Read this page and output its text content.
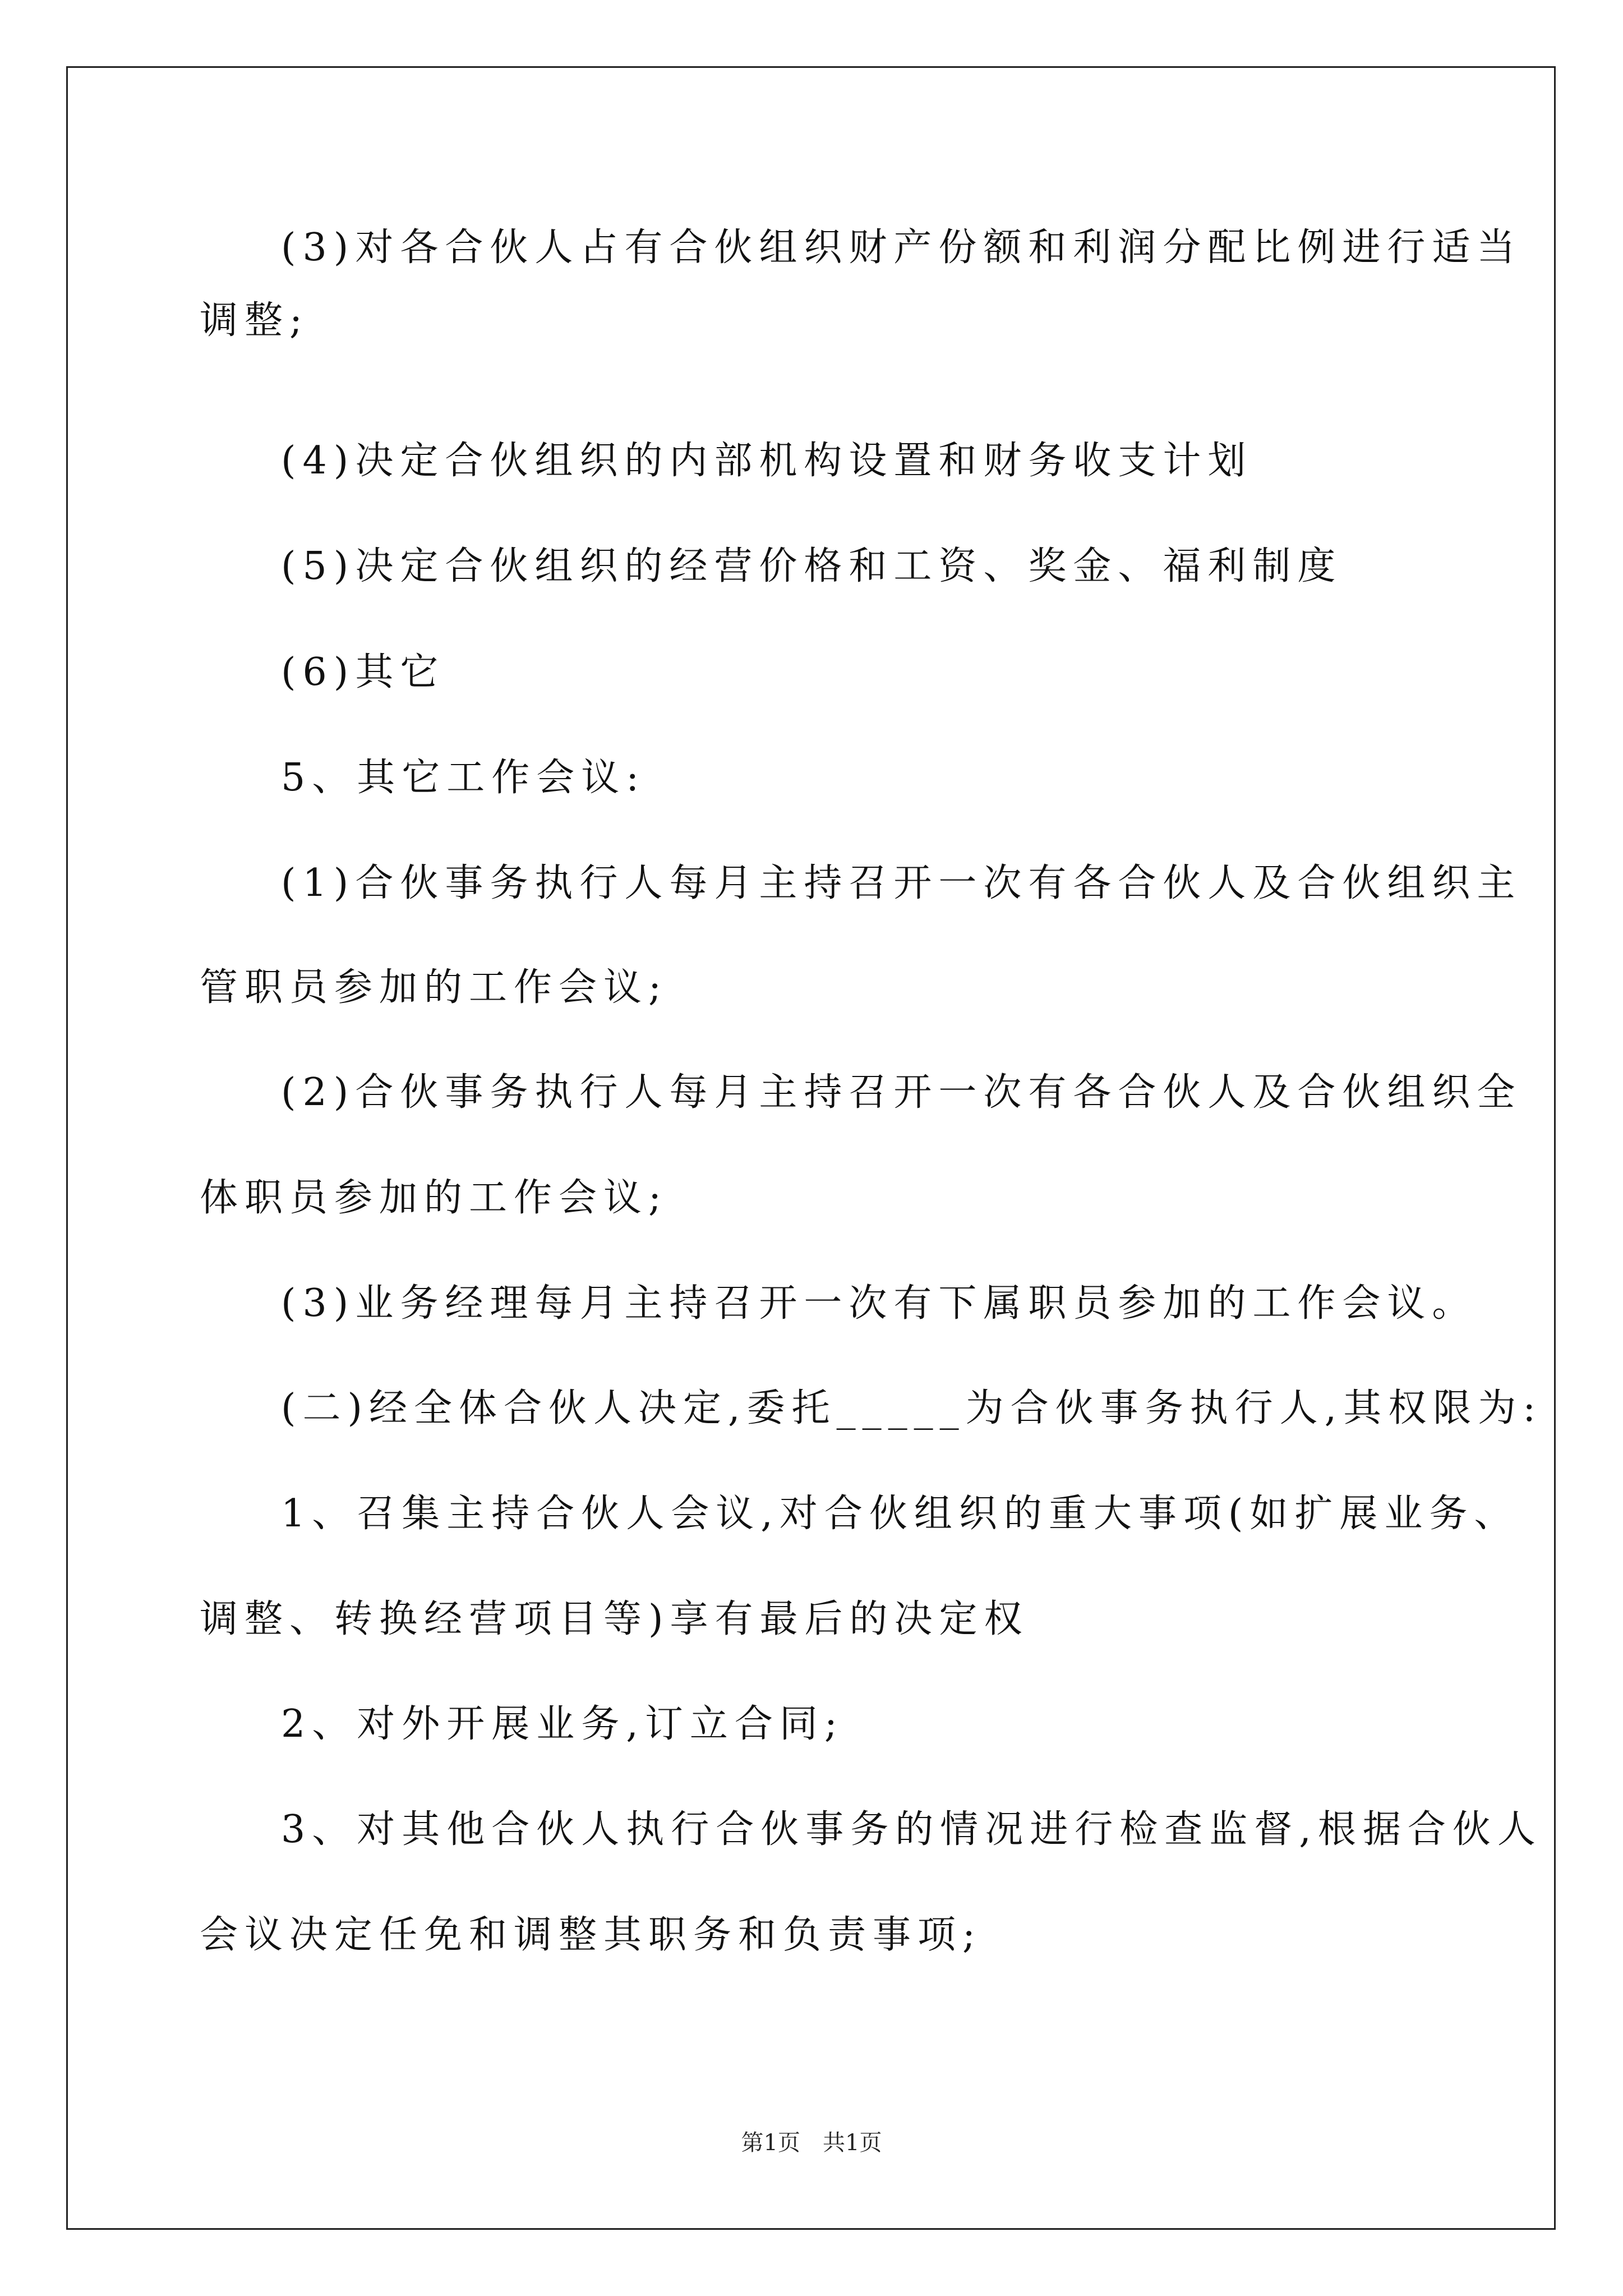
(3)对各合伙人占有合伙组织财产份额和利润分配比例进行适当
调整;
(4)决定合伙组织的内部机构设置和财务收支计划
(5)决定合伙组织的经营价格和工资、奖金、福利制度
(6)其它
5、其它工作会议:
(1)合伙事务执行人每月主持召开一次有各合伙人及合伙组织主
管职员参加的工作会议;
(2)合伙事务执行人每月主持召开一次有各合伙人及合伙组织全
体职员参加的工作会议;
(3)业务经理每月主持召开一次有下属职员参加的工作会议。
(二)经全体合伙人决定,委托_____为合伙事务执行人,其权限为:
1、召集主持合伙人会议,对合伙组织的重大事项(如扩展业务、
调整、转换经营项目等)享有最后的决定权
2、对外开展业务,订立合同;
3、对其他合伙人执行合伙事务的情况进行检查监督,根据合伙人
会议决定任免和调整其职务和负责事项;
第1页　共1页
